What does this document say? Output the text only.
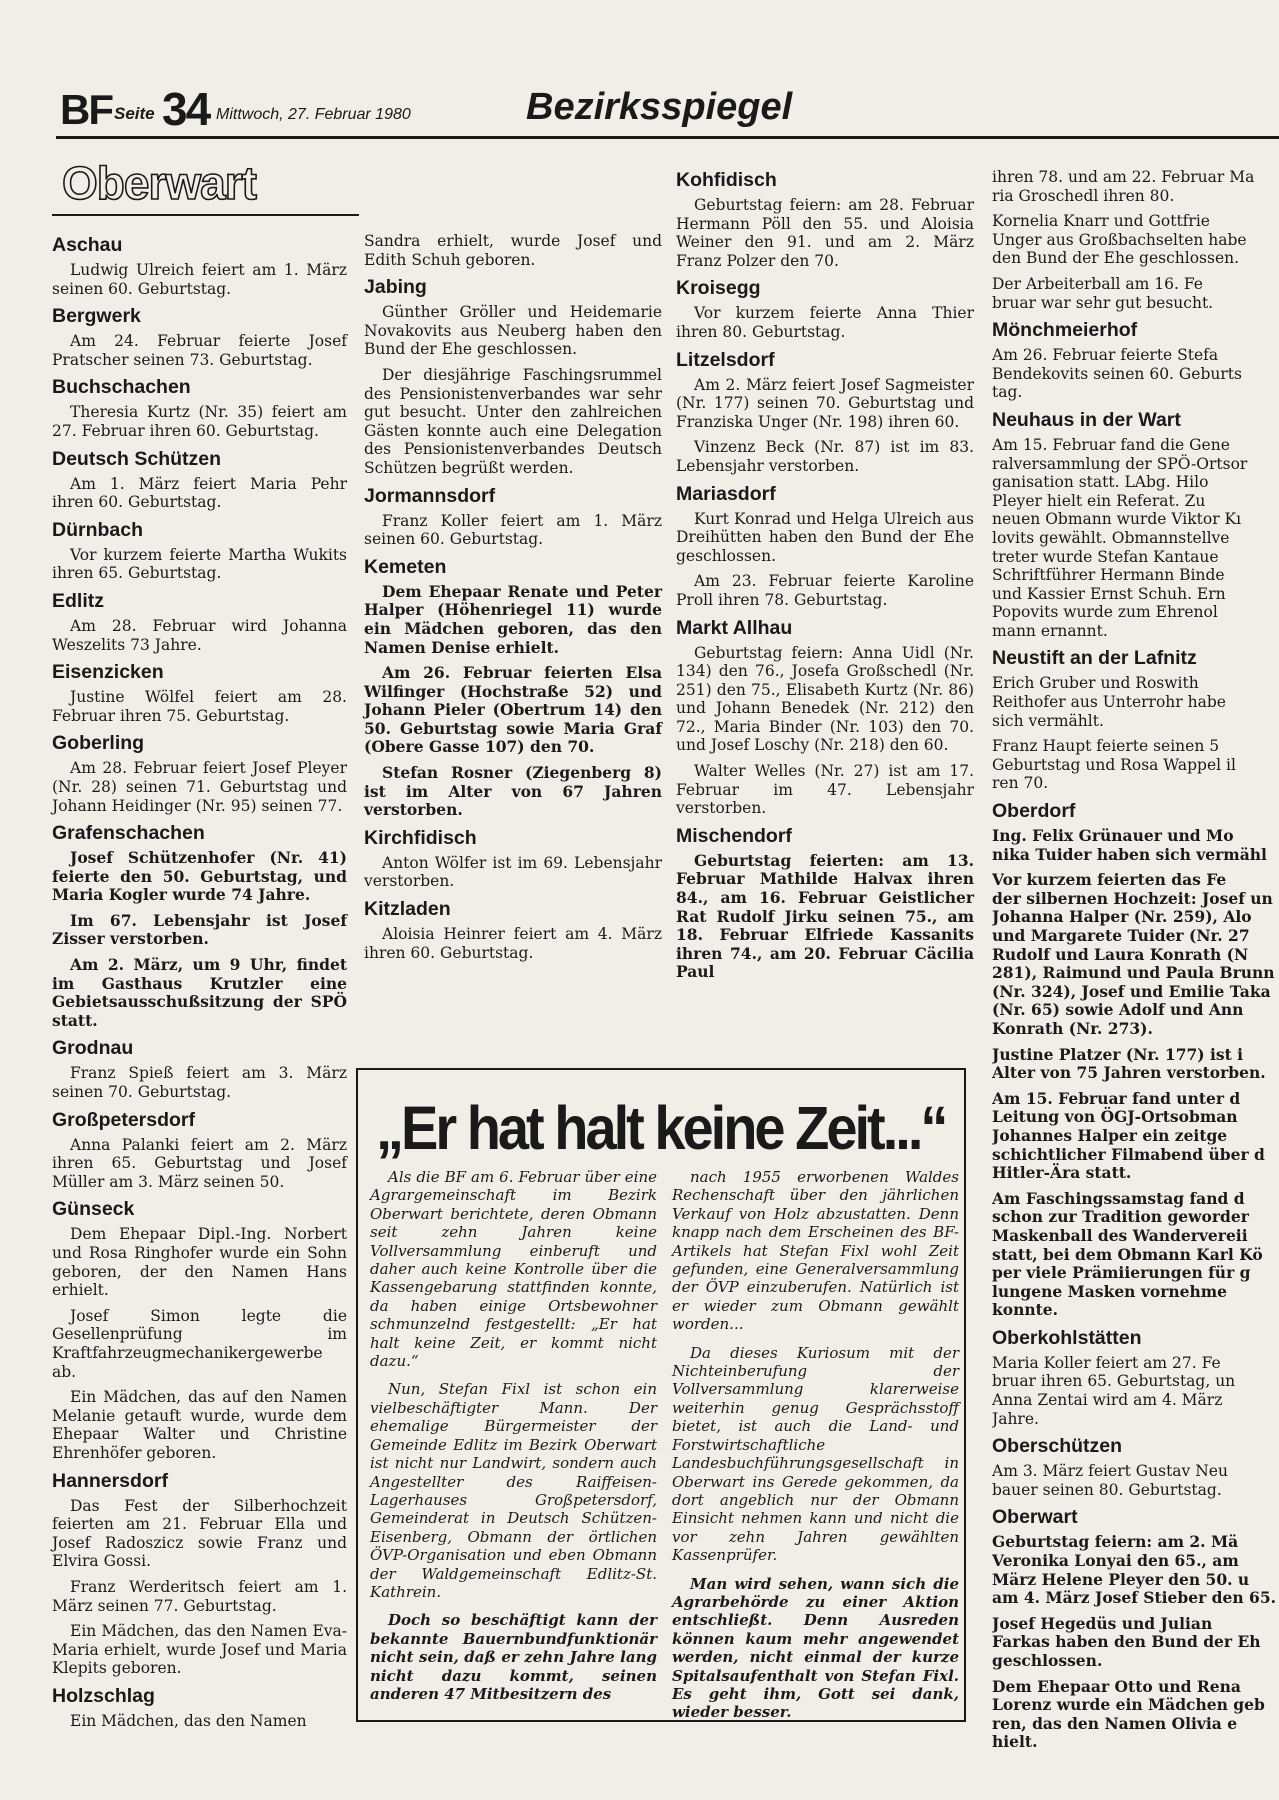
BF Seite 34 Mittwoch, 27. Februar 1980	Bezirksspiegel
Oberwart
Aschau

Ludwig Ulreich feiert am 1. März seinen 60. Geburtstag.

Bergwerk

Am 24. Februar feierte Josef Pratscher seinen 73. Geburtstag.

Buchschachen

Theresia Kurtz (Nr. 35) feiert am 27. Februar ihren 60. Geburtstag.

Deutsch Schützen

Am 1. März feiert Maria Pehr ihren 60. Geburtstag.

Dürnbach

Vor kurzem feierte Martha Wukits ihren 65. Geburtstag.

Edlitz

Am 28. Februar wird Johanna Weszelits 73 Jahre.

Eisenzicken

Justine Wölfel feiert am 28. Februar ihren 75. Geburtstag.

Goberling

Am 28. Februar feiert Josef Pleyer (Nr. 28) seinen 71. Geburtstag und Johann Heidinger (Nr. 95) seinen 77.

Grafenschachen

Josef Schützenhofer (Nr. 41) feierte den 50. Geburtstag, und Maria Kogler wurde 74 Jahre.

Im 67. Lebensjahr ist Josef Zisser verstorben.

Am 2. März, um 9 Uhr, findet im Gasthaus Krutzler eine Gebietsausschußsitzung der SPÖ statt.

Grodnau

Franz Spieß feiert am 3. März seinen 70. Geburtstag.

Großpetersdorf

Anna Palanki feiert am 2. März ihren 65. Geburtstag und Josef Müller am 3. März seinen 50.

Günseck

Dem Ehepaar Dipl.-Ing. Norbert und Rosa Ringhofer wurde ein Sohn geboren, der den Namen Hans erhielt.

Josef Simon legte die Gesellenprüfung im Kraftfahrzeugmechanikergewerbe ab.

Ein Mädchen, das auf den Namen Melanie getauft wurde, wurde dem Ehepaar Walter und Christine Ehrenhöfer geboren.

Hannersdorf

Das Fest der Silberhochzeit feierten am 21. Februar Ella und Josef Radoszicz sowie Franz und Elvira Gossi.

Franz Werderitsch feiert am 1. März seinen 77. Geburtstag.

Ein Mädchen, das den Namen Eva-Maria erhielt, wurde Josef und Maria Klepits geboren.

Holzschlag

Ein Mädchen, das den Namen

Sandra erhielt, wurde Josef und Edith Schuh geboren.

Jabing

Günther Gröller und Heidemarie Novakovits aus Neuberg haben den Bund der Ehe geschlossen.

Der diesjährige Faschingsrummel des Pensionistenverbandes war sehr gut besucht. Unter den zahlreichen Gästen konnte auch eine Delegation des Pensionistenverbandes Deutsch Schützen begrüßt werden.

Jormannsdorf

Franz Koller feiert am 1. März seinen 60. Geburtstag.

Kemeten

Dem Ehepaar Renate und Peter Halper (Höhenriegel 11) wurde ein Mädchen geboren, das den Namen Denise erhielt.

Am 26. Februar feierten Elsa Wilfinger (Hochstraße 52) und Johann Pieler (Obertrum 14) den 50. Geburtstag sowie Maria Graf (Obere Gasse 107) den 70.

Stefan Rosner (Ziegenberg 8) ist im Alter von 67 Jahren verstorben.

Kirchfidisch

Anton Wölfer ist im 69. Lebensjahr verstorben.

Kitzladen

Aloisia Heinrer feiert am 4. März ihren 60. Geburtstag.

Kohfidisch

Geburtstag feiern: am 28. Februar Hermann Pöll den 55. und Aloisia Weiner den 91. und am 2. März Franz Polzer den 70.

Kroisegg

Vor kurzem feierte Anna Thier ihren 80. Geburtstag.

Litzelsdorf

Am 2. März feiert Josef Sagmeister (Nr. 177) seinen 70. Geburtstag und Franziska Unger (Nr. 198) ihren 60.

Vinzenz Beck (Nr. 87) ist im 83. Lebensjahr verstorben.

Mariasdorf

Kurt Konrad und Helga Ulreich aus Dreihütten haben den Bund der Ehe geschlossen.

Am 23. Februar feierte Karoline Proll ihren 78. Geburtstag.

Markt Allhau

Geburtstag feiern: Anna Uidl (Nr. 134) den 76., Josefa Großschedl (Nr. 251) den 75., Elisabeth Kurtz (Nr. 86) und Johann Benedek (Nr. 212) den 72., Maria Binder (Nr. 103) den 70. und Josef Loschy (Nr. 218) den 60.

Walter Welles (Nr. 27) ist am 17. Februar im 47. Lebensjahr verstorben.

Mischendorf

Geburtstag feierten: am 13. Februar Mathilde Halvax ihren 84., am 16. Februar Geistlicher Rat Rudolf Jirku seinen 75., am 18. Februar Elfriede Kassanits ihren 74., am 20. Februar Cäcilia Paul

ihren 78. und am 22. Februar Ma
ria Groschedl ihren 80.

Kornelia Knarr und Gottfrie
Unger aus Großbachselten habe
den Bund der Ehe geschlossen.

Der Arbeiterball am 16. Fe
bruar war sehr gut besucht.

Mönchmeierhof

Am 26. Februar feierte Stefa
Bendekovits seinen 60. Geburts
tag.

Neuhaus in der Wart

Am 15. Februar fand die Gene
ralversammlung der SPÖ-Ortsor
ganisation statt. LAbg. Hilo
Pleyer hielt ein Referat. Zu
neuen Obmann wurde Viktor Kı
lovits gewählt. Obmannstellve
treter wurde Stefan Kantaue
Schriftführer Hermann Binde
und Kassier Ernst Schuh. Ern
Popovits wurde zum Ehrenol
mann ernannt.

Neustift an der Lafnitz

Erich Gruber und Roswith
Reithofer aus Unterrohr habe
sich vermählt.

Franz Haupt feierte seinen 5
Geburtstag und Rosa Wappel il
ren 70.

Oberdorf

Ing. Felix Grünauer und Mo
nika Tuider haben sich vermähl

Vor kurzem feierten das Fe
der silbernen Hochzeit: Josef un
Johanna Halper (Nr. 259), Alo
und Margarete Tuider (Nr. 27
Rudolf und Laura Konrath (N
281), Raimund und Paula Brunn
(Nr. 324), Josef und Emilie Taka
(Nr. 65) sowie Adolf und Ann
Konrath (Nr. 273).

Justine Platzer (Nr. 177) ist i
Alter von 75 Jahren verstorben.

Am 15. Februar fand unter d
Leitung von ÖGJ-Ortsobman
Johannes Halper ein zeitge
schichtlicher Filmabend über d
Hitler-Ära statt.

Am Faschingssamstag fand d
schon zur Tradition geworder
Maskenball des Wandervereii
statt, bei dem Obmann Karl Kö
per viele Prämiierungen für g
lungene Masken vornehme
konnte.

Oberkohlstätten

Maria Koller feiert am 27. Fe
bruar ihren 65. Geburtstag, un
Anna Zentai wird am 4. März
Jahre.

Oberschützen

Am 3. März feiert Gustav Neu
bauer seinen 80. Geburtstag.

Oberwart

Geburtstag feiern: am 2. Mä
Veronika Lonyai den 65., am
März Helene Pleyer den 50. u
am 4. März Josef Stieber den 65.

Josef Hegedüs und Julian
Farkas haben den Bund der Eh
geschlossen.

Dem Ehepaar Otto und Rena
Lorenz wurde ein Mädchen geb
ren, das den Namen Olivia e
hielt.

„Er hat halt keine Zeit...“

Als die BF am 6. Februar über eine Agrargemeinschaft im Bezirk Oberwart berichtete, deren Obmann seit zehn Jahren keine Vollversammlung einberuft und daher auch keine Kontrolle über die Kassengebarung stattfinden konnte, da haben einige Ortsbewohner schmunzelnd festgestellt: „Er hat halt keine Zeit, er kommt nicht dazu.“

Nun, Stefan Fixl ist schon ein vielbeschäftigter Mann. Der ehemalige Bürgermeister der Gemeinde Edlitz im Bezirk Oberwart ist nicht nur Landwirt, sondern auch Angestellter des Raiffeisen-Lagerhauses Großpetersdorf, Gemeinderat in Deutsch Schützen-Eisenberg, Obmann der örtlichen ÖVP-Organisation und eben Obmann der Waldgemeinschaft Edlitz-St. Kathrein.

Doch so beschäftigt kann der bekannte Bauernbundfunktionär nicht sein, daß er zehn Jahre lang nicht dazu kommt, seinen anderen 47 Mitbesitzern des

nach 1955 erworbenen Waldes Rechenschaft über den jährlichen Verkauf von Holz abzustatten. Denn knapp nach dem Erscheinen des BF-Artikels hat Stefan Fixl wohl Zeit gefunden, eine Generalversammlung der ÖVP einzuberufen. Natürlich ist er wieder zum Obmann gewählt worden...

Da dieses Kuriosum mit der Nichteinberufung der Vollversammlung klarerweise weiterhin genug Gesprächsstoff bietet, ist auch die Land- und Forstwirtschaftliche Landesbuchführungsgesellschaft in Oberwart ins Gerede gekommen, da dort angeblich nur der Obmann Einsicht nehmen kann und nicht die vor zehn Jahren gewählten Kassenprüfer.

Man wird sehen, wann sich die Agrarbehörde zu einer Aktion entschließt. Denn Ausreden können kaum mehr angewendet werden, nicht einmal der kurze Spitalsaufenthalt von Stefan Fixl. Es geht ihm, Gott sei dank, wieder besser.
